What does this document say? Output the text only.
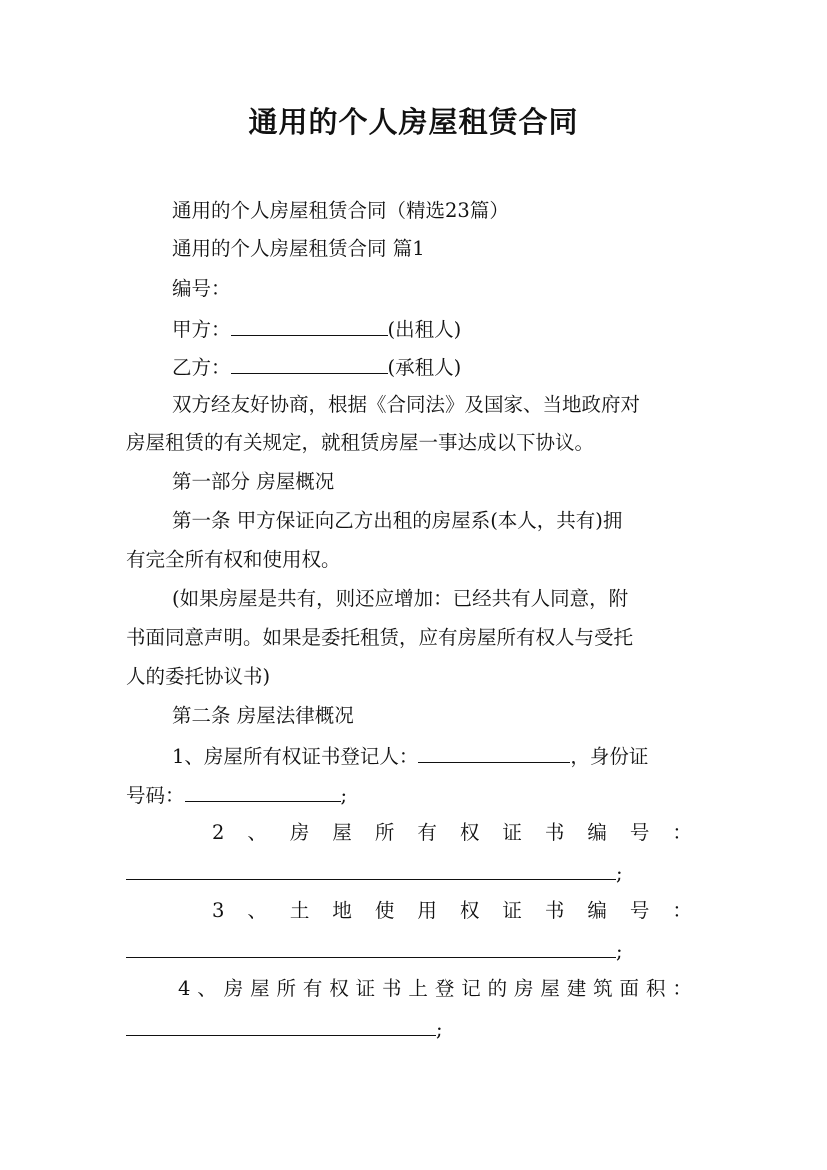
通用的个人房屋租赁合同
通用的个人房屋租赁合同（精选23篇）
通用的个人房屋租赁合同 篇1
编号：
甲方：	(出租人)
乙方：	(承租人)
双方经友好协商，根据《合同法》及国家、当地政府对
房屋租赁的有关规定，就租赁房屋一事达成以下协议。
第一部分 房屋概况
第一条 甲方保证向乙方出租的房屋系(本人，共有)拥
有完全所有权和使用权。
(如果房屋是共有，则还应增加：已经共有人同意，附
书面同意声明。如果是委托租赁，应有房屋所有权人与受托
人的委托协议书)
第二条 房屋法律概况
1、房屋所有权证书登记人：	，身份证
号码：	;
2 、 房 屋 所 有 权 证 书 编 号 ：
;
3 、 土 地 使 用 权 证 书 编 号 ：
;
4 、 房 屋 所 有 权 证 书 上 登 记 的 房 屋 建 筑 面 积 ：
;
